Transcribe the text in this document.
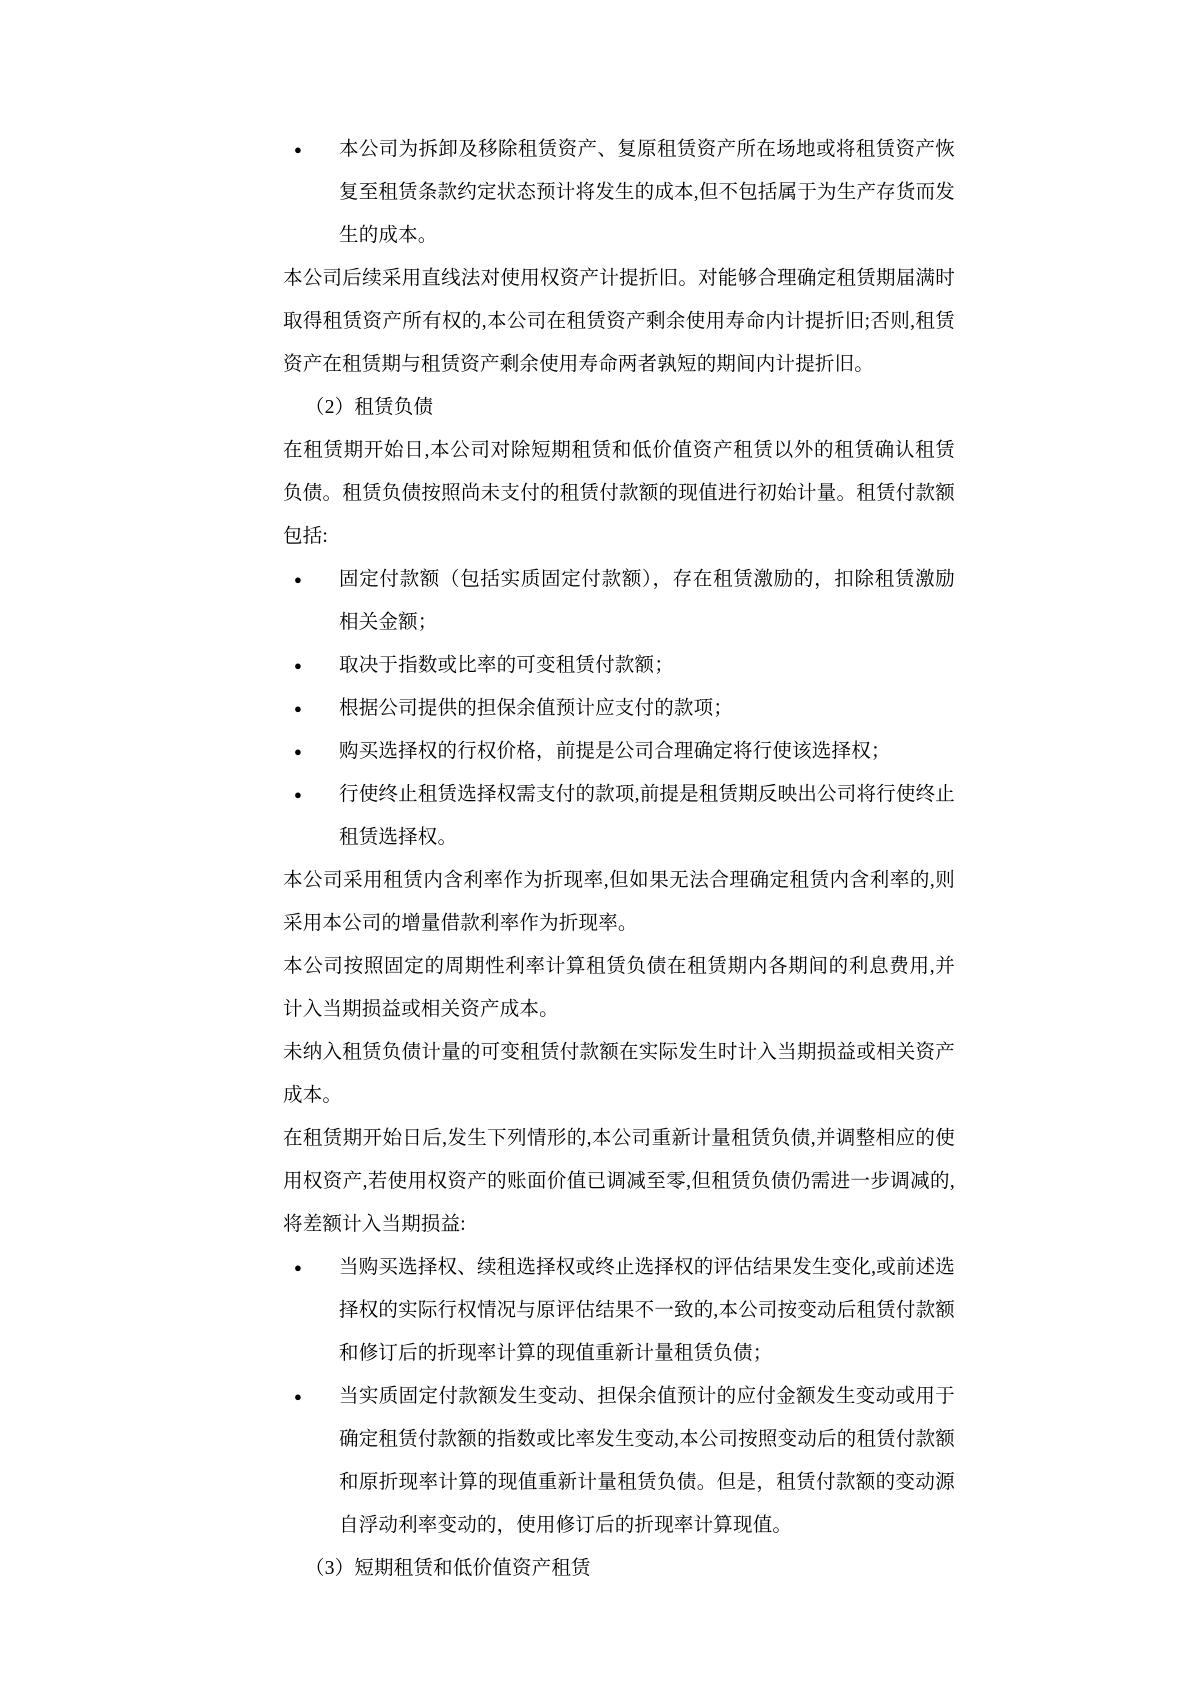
● 本公司为拆卸及移除租赁资产、复原租赁资产所在场地或将租赁资产恢复至租赁条款约定状态预计将发生的成本,但不包括属于为生产存货而发生的成本。

本公司后续采用直线法对使用权资产计提折旧。对能够合理确定租赁期届满时取得租赁资产所有权的,本公司在租赁资产剩余使用寿命内计提折旧;否则,租赁资产在租赁期与租赁资产剩余使用寿命两者孰短的期间内计提折旧。

（2）租赁负债

在租赁期开始日,本公司对除短期租赁和低价值资产租赁以外的租赁确认租赁负债。租赁负债按照尚未支付的租赁付款额的现值进行初始计量。租赁付款额包括:

● 固定付款额（包括实质固定付款额），存在租赁激励的，扣除租赁激励相关金额；
● 取决于指数或比率的可变租赁付款额；
● 根据公司提供的担保余值预计应支付的款项；
● 购买选择权的行权价格，前提是公司合理确定将行使该选择权；
● 行使终止租赁选择权需支付的款项,前提是租赁期反映出公司将行使终止租赁选择权。

本公司采用租赁内含利率作为折现率,但如果无法合理确定租赁内含利率的,则采用本公司的增量借款利率作为折现率。

本公司按照固定的周期性利率计算租赁负债在租赁期内各期间的利息费用,并计入当期损益或相关资产成本。

未纳入租赁负债计量的可变租赁付款额在实际发生时计入当期损益或相关资产成本。

在租赁期开始日后,发生下列情形的,本公司重新计量租赁负债,并调整相应的使用权资产,若使用权资产的账面价值已调减至零,但租赁负债仍需进一步调减的,将差额计入当期损益:

● 当购买选择权、续租选择权或终止选择权的评估结果发生变化,或前述选择权的实际行权情况与原评估结果不一致的,本公司按变动后租赁付款额和修订后的折现率计算的现值重新计量租赁负债；
● 当实质固定付款额发生变动、担保余值预计的应付金额发生变动或用于确定租赁付款额的指数或比率发生变动,本公司按照变动后的租赁付款额和原折现率计算的现值重新计量租赁负债。但是，租赁付款额的变动源自浮动利率变动的，使用修订后的折现率计算现值。

（3）短期租赁和低价值资产租赁
